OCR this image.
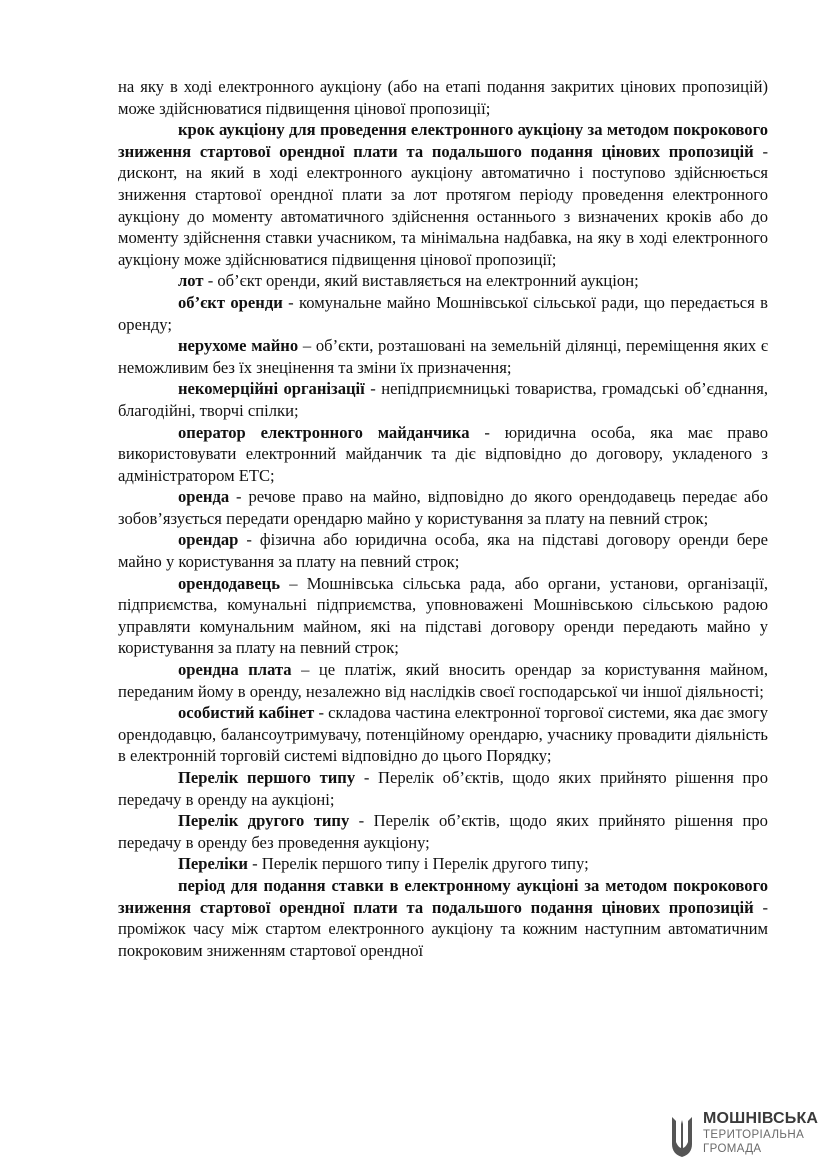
на яку в ході електронного аукціону (або на етапі подання закритих цінових пропозицій) може здійснюватися підвищення цінової пропозиції;

крок аукціону для проведення електронного аукціону за методом покрокового зниження стартової орендної плати та подальшого подання цінових пропозицій - дисконт, на який в ході електронного аукціону автоматично і поступово здійснюється зниження стартової орендної плати за лот протягом періоду проведення електронного аукціону до моменту автоматичного здійснення останнього з визначених кроків або до моменту здійснення ставки учасником, та мінімальна надбавка, на яку в ході електронного аукціону може здійснюватися підвищення цінової пропозиції;

лот - об’єкт оренди, який виставляється на електронний аукціон;

об’єкт оренди - комунальне майно Мошнівської сільської ради, що передається в оренду;

нерухоме майно – об’єкти, розташовані на земельній ділянці, переміщення яких є неможливим без їх знецінення та зміни їх призначення;

некомерційні організації - непідприємницькі товариства, громадські об’єднання, благодійні, творчі спілки;

оператор електронного майданчика - юридична особа, яка має право використовувати електронний майданчик та діє відповідно до договору, укладеного з адміністратором ЕТС;

оренда - речове право на майно, відповідно до якого орендодавець передає або зобов’язується передати орендарю майно у користування за плату на певний строк;

орендар - фізична або юридична особа, яка на підставі договору оренди бере майно у користування за плату на певний строк;

орендодавець – Мошнівська сільська рада, або органи, установи, організації, підприємства, комунальні підприємства, уповноважені Мошнівською сільською радою управляти комунальним майном, які на підставі договору оренди передають майно у користування за плату на певний строк;

орендна плата – це платіж, який вносить орендар за користування майном, переданим йому в оренду, незалежно від наслідків своєї господарської чи іншої діяльності;

особистий кабінет - складова частина електронної торгової системи, яка дає змогу орендодавцю, балансоутримувачу, потенційному орендарю, учаснику провадити діяльність в електронній торговій системі відповідно до цього Порядку;

Перелік першого типу - Перелік об’єктів, щодо яких прийнято рішення про передачу в оренду на аукціоні;

Перелік другого типу - Перелік об’єктів, щодо яких прийнято рішення про передачу в оренду без проведення аукціону;

Переліки - Перелік першого типу і Перелік другого типу;

період для подання ставки в електронному аукціоні за методом покрокового зниження стартової орендної плати та подальшого подання цінових пропозицій - проміжок часу між стартом електронного аукціону та кожним наступним автоматичним покроковим зниженням стартової орендної

МОШНІВСЬКА
ТЕРИТОРІАЛЬНА
ГРОМАДА
